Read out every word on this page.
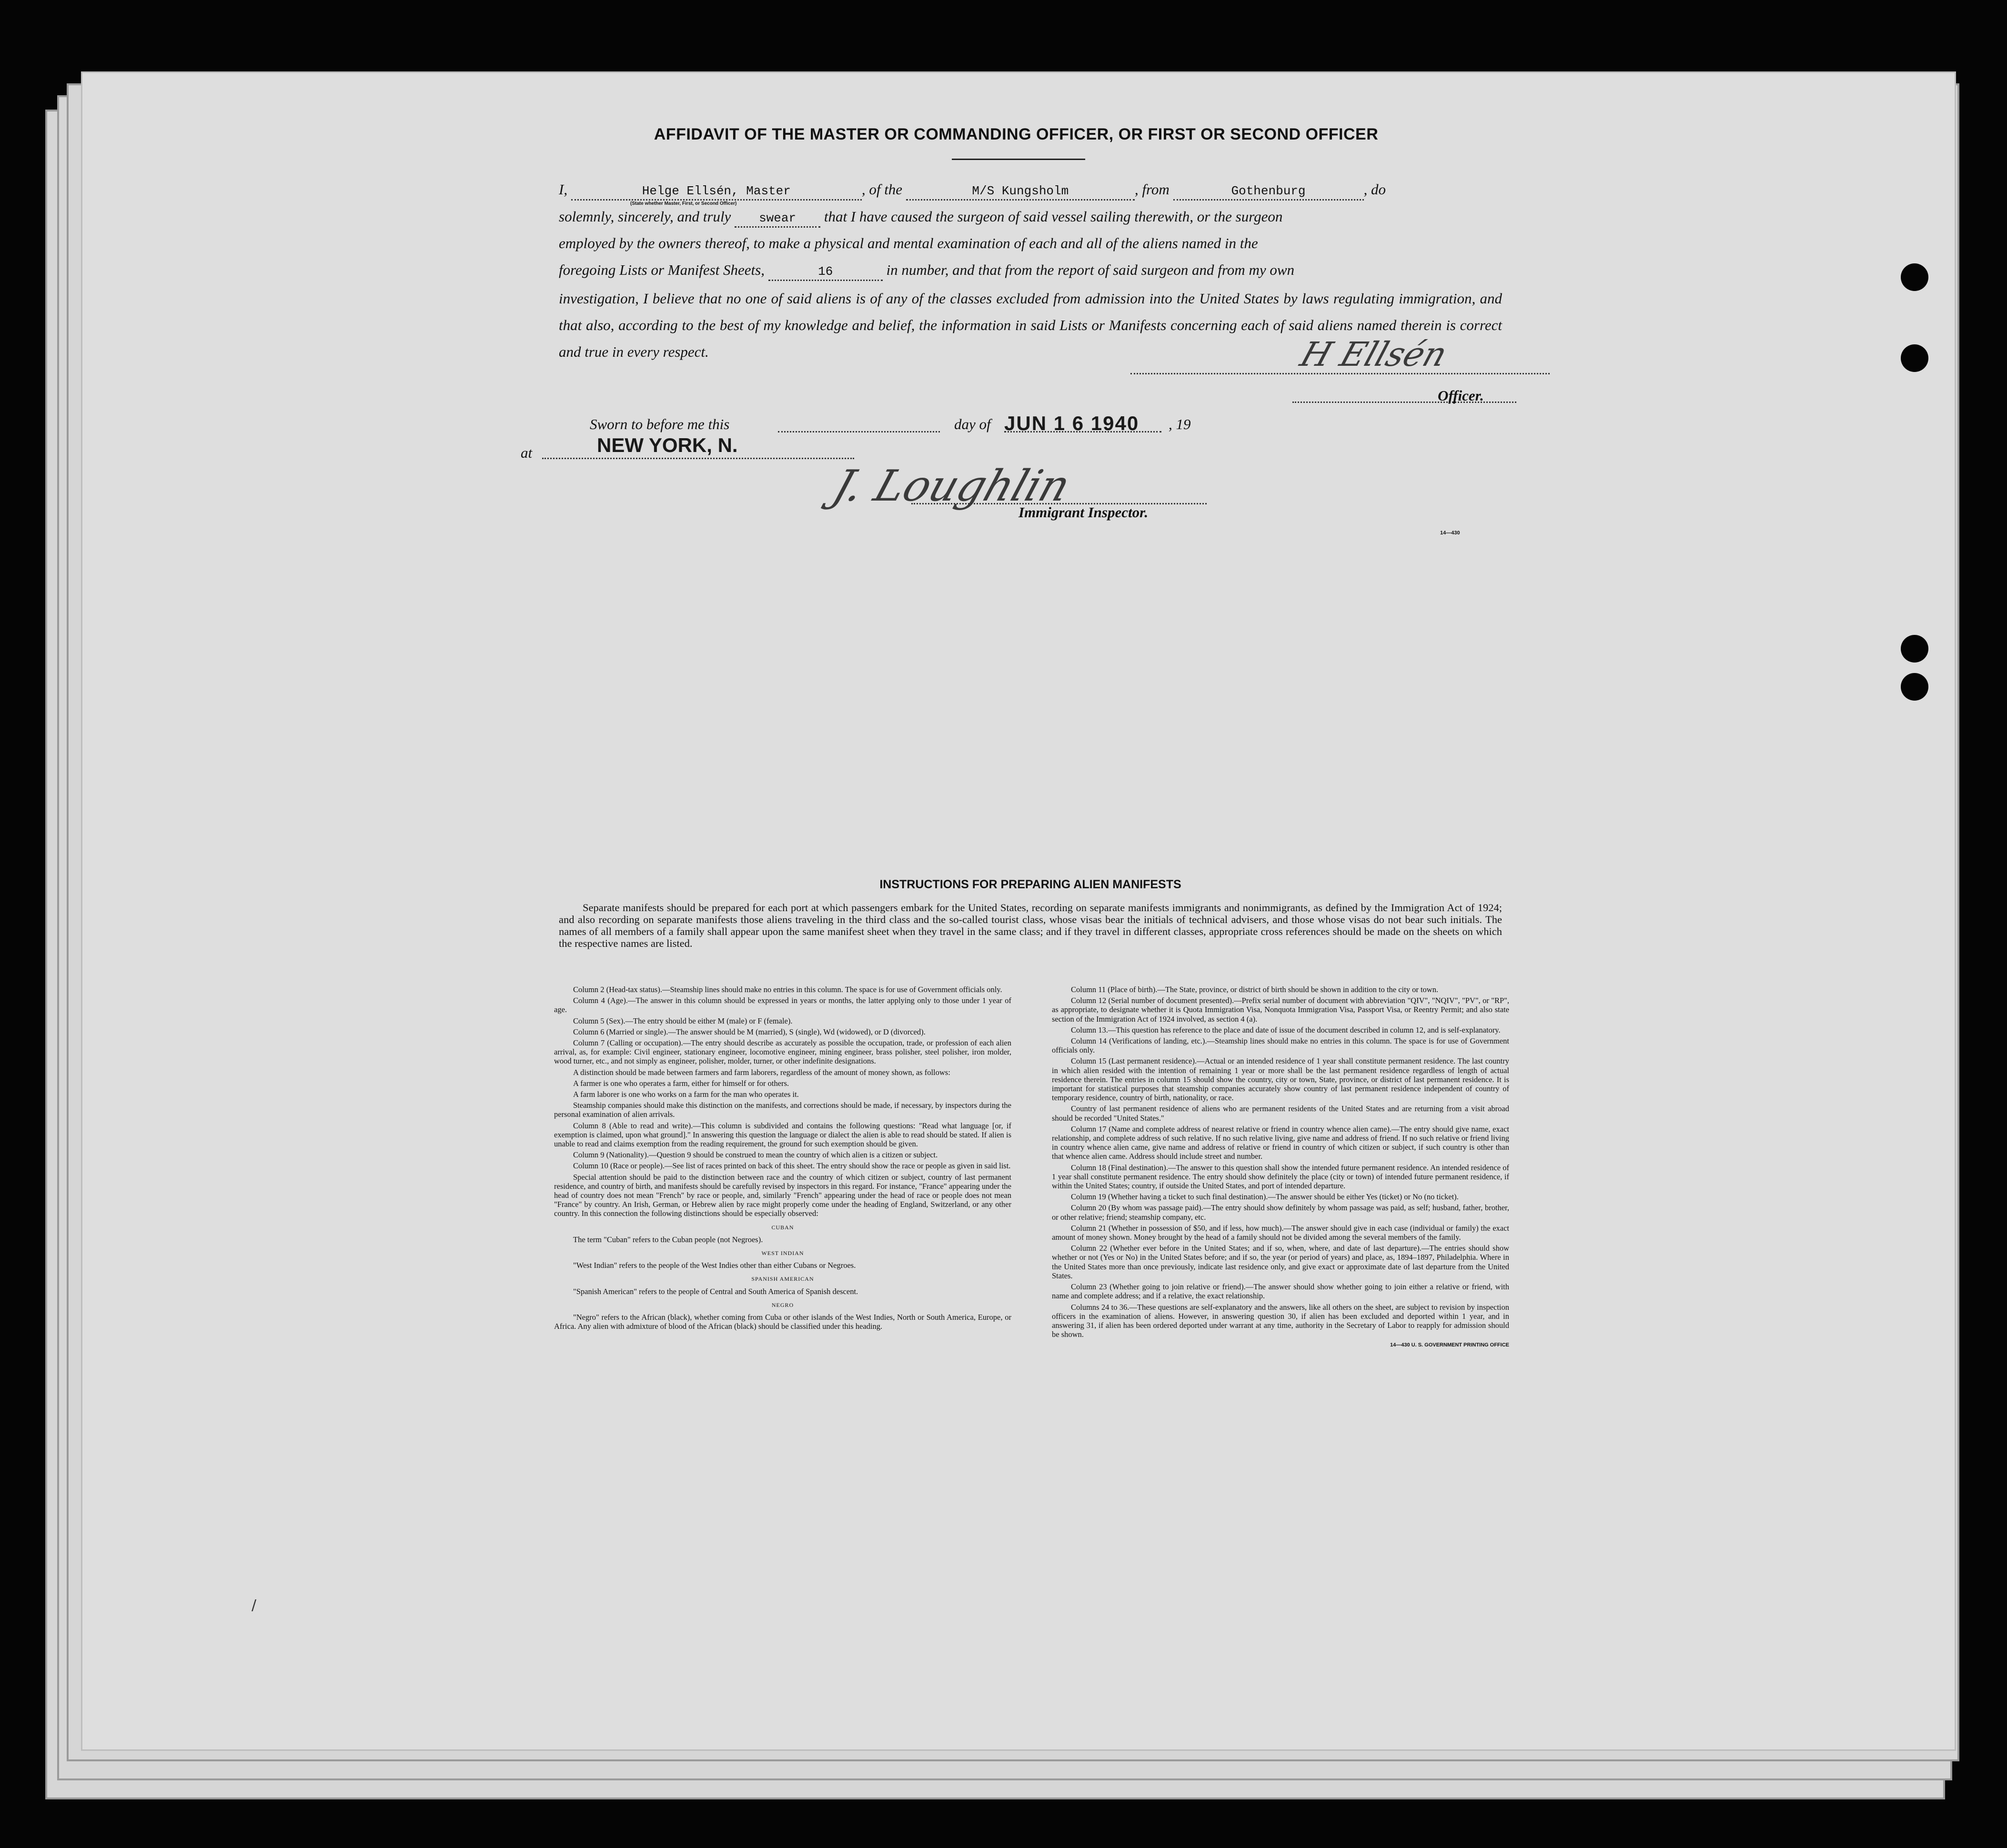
AFFIDAVIT OF THE MASTER OR COMMANDING OFFICER, OR FIRST OR SECOND OFFICER
I,	Helge Ellsén, Master	, of the	M/S Kungsholm	, from	Gothenburg	, do
(State whether Master, First, or Second Officer)
solemnly, sincerely, and truly swear that I have caused the surgeon of said vessel sailing therewith, or the surgeon
employed by the owners thereof, to make a physical and mental examination of each and all of the aliens named in the
foregoing Lists or Manifest Sheets,	16	in number, and that from the report of said surgeon and from my own
investigation, I believe that no one of said aliens is of any of the classes excluded from admission into the United States by laws regulating immigration, and that also, according to the best of my knowledge and belief, the information in said Lists or Manifests concerning each of said aliens named therein is correct and true in every respect.	H Ellsén
Officer.
Sworn to before me this	day of JUN 1 6 1940 , 19
at	NEW YORK, N.
J. Loughlin
Immigrant Inspector.
14—430
INSTRUCTIONS FOR PREPARING ALIEN MANIFESTS
Separate manifests should be prepared for each port at which passengers embark for the United States, recording on separate manifests immigrants and nonimmigrants, as defined by the Immigration Act of 1924; and also recording on separate manifests those aliens traveling in the third class and the so-called tourist class, whose visas bear the initials of technical advisers, and those whose visas do not bear such initials. The names of all members of a family shall appear upon the same manifest sheet when they travel in the same class; and if they travel in different classes, appropriate cross references should be made on the sheets on which the respective names are listed.

Column 2 (Head-tax status).—Steamship lines should make no entries in this column. The space is for use of Government officials only.

Column 4 (Age).—The answer in this column should be expressed in years or months, the latter applying only to those under 1 year of age.

Column 5 (Sex).—The entry should be either M (male) or F (female).

Column 6 (Married or single).—The answer should be M (married), S (single), Wd (widowed), or D (divorced).

Column 7 (Calling or occupation).—The entry should describe as accurately as possible the occupation, trade, or profession of each alien arrival, as, for example: Civil engineer, stationary engineer, locomotive engineer, mining engineer, brass polisher, steel polisher, iron molder, wood turner, etc., and not simply as engineer, polisher, molder, turner, or other indefinite designations.

A distinction should be made between farmers and farm laborers, regardless of the amount of money shown, as follows:

A farmer is one who operates a farm, either for himself or for others.

A farm laborer is one who works on a farm for the man who operates it.

Steamship companies should make this distinction on the manifests, and corrections should be made, if necessary, by inspectors during the personal examination of alien arrivals.

Column 8 (Able to read and write).—This column is subdivided and contains the following questions: "Read what language [or, if exemption is claimed, upon what ground]." In answering this question the language or dialect the alien is able to read should be stated. If alien is unable to read and claims exemption from the reading requirement, the ground for such exemption should be given.

Column 9 (Nationality).—Question 9 should be construed to mean the country of which alien is a citizen or subject.

Column 10 (Race or people).—See list of races printed on back of this sheet. The entry should show the race or people as given in said list.

Special attention should be paid to the distinction between race and the country of which citizen or subject, country of last permanent residence, and country of birth, and manifests should be carefully revised by inspectors in this regard. For instance, "France" appearing under the head of country does not mean "French" by race or people, and, similarly "French" appearing under the head of race or people does not mean "France" by country. An Irish, German, or Hebrew alien by race might properly come under the heading of England, Switzerland, or any other country. In this connection the following distinctions should be especially observed:

CUBAN

The term "Cuban" refers to the Cuban people (not Negroes).

WEST INDIAN

"West Indian" refers to the people of the West Indies other than either Cubans or Negroes.

SPANISH AMERICAN

"Spanish American" refers to the people of Central and South America of Spanish descent.

NEGRO

"Negro" refers to the African (black), whether coming from Cuba or other islands of the West Indies, North or South America, Europe, or Africa. Any alien with admixture of blood of the African (black) should be classified under this heading.

Column 11 (Place of birth).—The State, province, or district of birth should be shown in addition to the city or town.

Column 12 (Serial number of document presented).—Prefix serial number of document with abbreviation "QIV", "NQIV", "PV", or "RP", as appropriate, to designate whether it is Quota Immigration Visa, Nonquota Immigration Visa, Passport Visa, or Reentry Permit; and also state section of the Immigration Act of 1924 involved, as section 4 (a).

Column 13.—This question has reference to the place and date of issue of the document described in column 12, and is self-explanatory.

Column 14 (Verifications of landing, etc.).—Steamship lines should make no entries in this column. The space is for use of Government officials only.

Column 15 (Last permanent residence).—Actual or an intended residence of 1 year shall constitute permanent residence. The last country in which alien resided with the intention of remaining 1 year or more shall be the last permanent residence regardless of length of actual residence therein. The entries in column 15 should show the country, city or town, State, province, or district of last permanent residence. It is important for statistical purposes that steamship companies accurately show country of last permanent residence independent of country of temporary residence, country of birth, nationality, or race.

Country of last permanent residence of aliens who are permanent residents of the United States and are returning from a visit abroad should be recorded "United States."

Column 17 (Name and complete address of nearest relative or friend in country whence alien came).—The entry should give name, exact relationship, and complete address of such relative. If no such relative living, give name and address of friend. If no such relative or friend living in country whence alien came, give name and address of relative or friend in country of which citizen or subject, if such country is other than that whence alien came. Address should include street and number.

Column 18 (Final destination).—The answer to this question shall show the intended future permanent residence. An intended residence of 1 year shall constitute permanent residence. The entry should show definitely the place (city or town) of intended future permanent residence, if within the United States; country, if outside the United States, and port of intended departure.

Column 19 (Whether having a ticket to such final destination).—The answer should be either Yes (ticket) or No (no ticket).

Column 20 (By whom was passage paid).—The entry should show definitely by whom passage was paid, as self; husband, father, brother, or other relative; friend; steamship company, etc.

Column 21 (Whether in possession of $50, and if less, how much).—The answer should give in each case (individual or family) the exact amount of money shown. Money brought by the head of a family should not be divided among the several members of the family.

Column 22 (Whether ever before in the United States; and if so, when, where, and date of last departure).—The entries should show whether or not (Yes or No) in the United States before; and if so, the year (or period of years) and place, as, 1894–1897, Philadelphia. Where in the United States more than once previously, indicate last residence only, and give exact or approximate date of last departure from the United States.

Column 23 (Whether going to join relative or friend).—The answer should show whether going to join either a relative or friend, with name and complete address; and if a relative, the exact relationship.

Columns 24 to 36.—These questions are self-explanatory and the answers, like all others on the sheet, are subject to revision by inspection officers in the examination of aliens. However, in answering question 30, if alien has been excluded and deported within 1 year, and in answering 31, if alien has been ordered deported under warrant at any time, authority in the Secretary of Labor to reapply for admission should be shown.

14—430 U. S. GOVERNMENT PRINTING OFFICE
/
